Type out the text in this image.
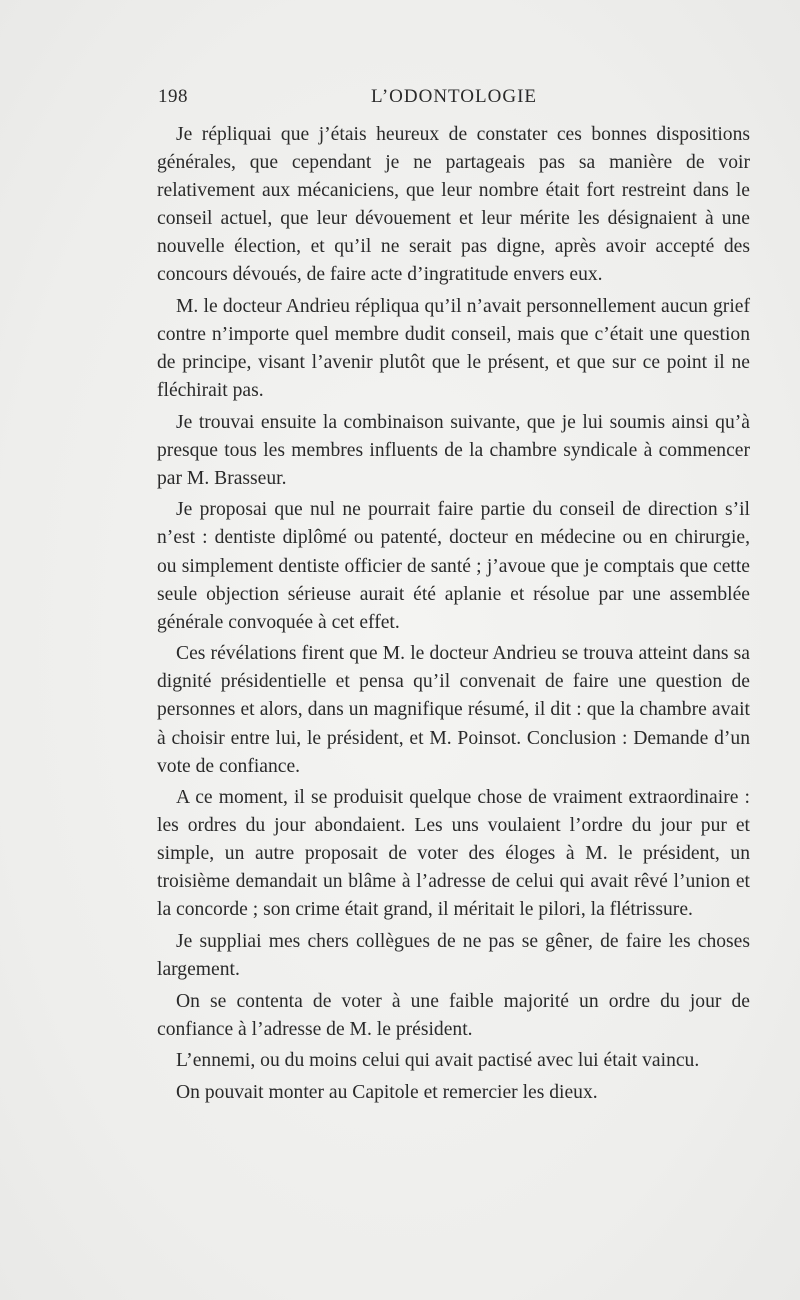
198	L’ODONTOLOGIE

Je répliquai que j’étais heureux de constater ces bonnes dispositions générales, que cependant je ne partageais pas sa manière de voir relativement aux mécaniciens, que leur nombre était fort restreint dans le conseil actuel, que leur dévouement et leur mérite les désignaient à une nouvelle élection, et qu’il ne serait pas digne, après avoir accepté des concours dévoués, de faire acte d’ingratitude envers eux.

M. le docteur Andrieu répliqua qu’il n’avait personnellement aucun grief contre n’importe quel membre dudit conseil, mais que c’était une question de principe, visant l’avenir plutôt que le présent, et que sur ce point il ne fléchirait pas.

Je trouvai ensuite la combinaison suivante, que je lui soumis ainsi qu’à presque tous les membres influents de la chambre syndicale à commencer par M. Brasseur.

Je proposai que nul ne pourrait faire partie du conseil de direction s’il n’est : dentiste diplômé ou patenté, docteur en médecine ou en chirurgie, ou simplement dentiste officier de santé ; j’avoue que je comptais que cette seule objection sérieuse aurait été aplanie et résolue par une assemblée générale convoquée à cet effet.

Ces révélations firent que M. le docteur Andrieu se trouva atteint dans sa dignité présidentielle et pensa qu’il convenait de faire une question de personnes et alors, dans un magnifique résumé, il dit : que la chambre avait à choisir entre lui, le président, et M. Poinsot. Conclusion : Demande d’un vote de confiance.

A ce moment, il se produisit quelque chose de vraiment extraordinaire : les ordres du jour abondaient. Les uns voulaient l’ordre du jour pur et simple, un autre proposait de voter des éloges à M. le président, un troisième demandait un blâme à l’adresse de celui qui avait rêvé l’union et la concorde ; son crime était grand, il méritait le pilori, la flétrissure.

Je suppliai mes chers collègues de ne pas se gêner, de faire les choses largement.

On se contenta de voter à une faible majorité un ordre du jour de confiance à l’adresse de M. le président.

L’ennemi, ou du moins celui qui avait pactisé avec lui était vaincu.

On pouvait monter au Capitole et remercier les dieux.
